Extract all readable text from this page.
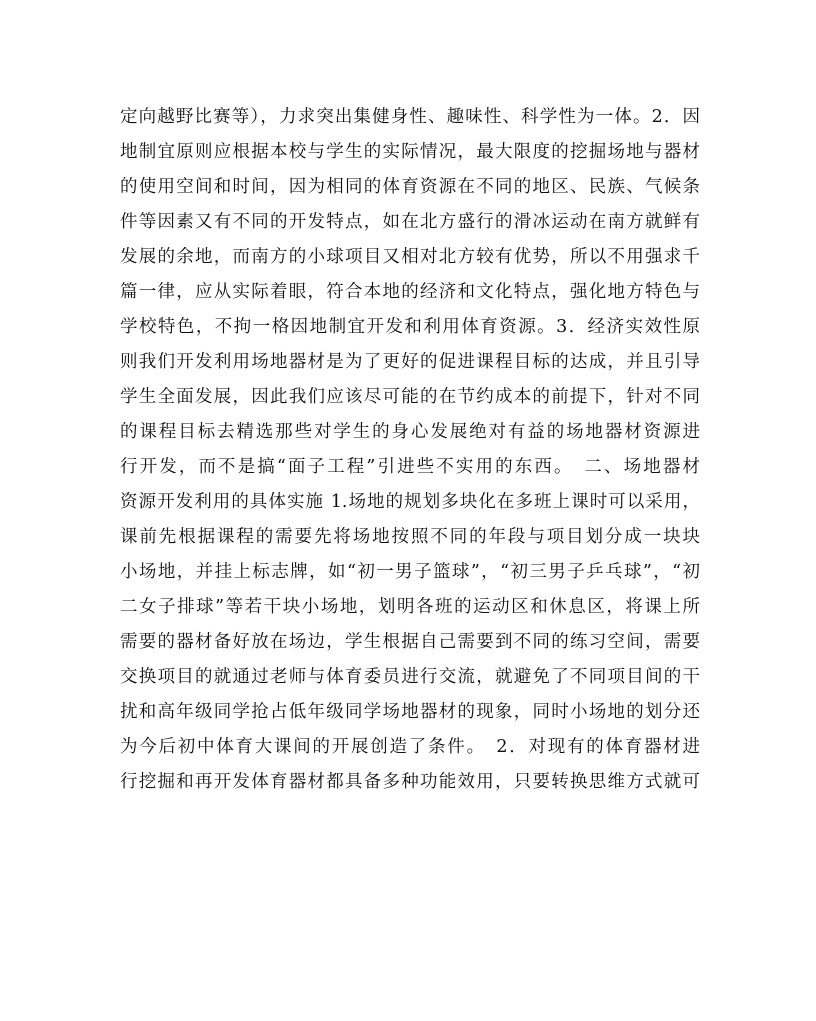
定向越野比赛等），力求突出集健身性、趣味性、科学性为一体。2．因
地制宜原则应根据本校与学生的实际情况，最大限度的挖掘场地与器材
的使用空间和时间，因为相同的体育资源在不同的地区、民族、气候条
件等因素又有不同的开发特点，如在北方盛行的滑冰运动在南方就鲜有
发展的余地，而南方的小球项目又相对北方较有优势，所以不用强求千
篇一律，应从实际着眼，符合本地的经济和文化特点，强化地方特色与
学校特色，不拘一格因地制宜开发和利用体育资源。3．经济实效性原
则我们开发利用场地器材是为了更好的促进课程目标的达成，并且引导
学生全面发展，因此我们应该尽可能的在节约成本的前提下，针对不同
的课程目标去精选那些对学生的身心发展绝对有益的场地器材资源进
行开发，而不是搞“面子工程”引进些不实用的东西。　二、场地器材
资源开发利用的具体实施 1.场地的规划多块化在多班上课时可以采用，
课前先根据课程的需要先将场地按照不同的年段与项目划分成一块块
小场地，并挂上标志牌，如“初一男子篮球”，“初三男子乒乓球”，“初
二女子排球”等若干块小场地，划明各班的运动区和休息区，将课上所
需要的器材备好放在场边，学生根据自己需要到不同的练习空间，需要
交换项目的就通过老师与体育委员进行交流，就避免了不同项目间的干
扰和高年级同学抢占低年级同学场地器材的现象，同时小场地的划分还
为今后初中体育大课间的开展创造了条件。　2．对现有的体育器材进
行挖掘和再开发体育器材都具备多种功能效用，只要转换思维方式就可
